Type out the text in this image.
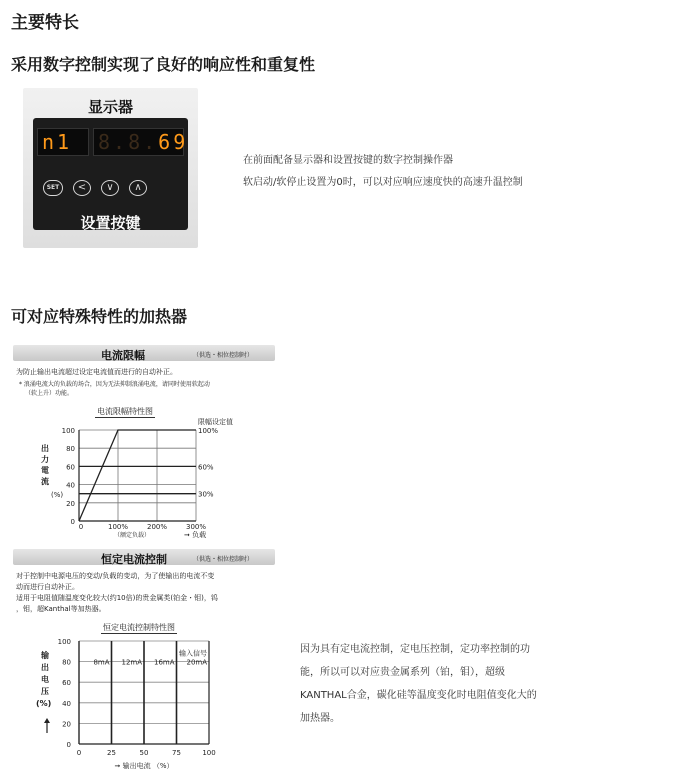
主要特长
采用数字控制实现了良好的响应性和重复性
显示器
n1	8.8.69
SET	<	∨	∧
设置按键
在前面配备显示器和设置按键的数字控制操作器
软启动/软停止设置为0时，可以对应响应速度快的高速升温控制
可对应特殊特性的加热器
电流限幅	（供选・相位控制时）
为防止输出电流超过设定电流值而进行的自动补正。
* 浪涌电流大的负载的场合，因为无法抑制浪涌电流，请同时使用软起动
（软上升）功能。
电流限幅特性图
恒定电流控制	（供选・相位控制时）
对于控制中电源电压的变动/负载的变动，为了使输出的电流不变
动而进行自动补正。
适用于电阻值随温度变化较大(约10倍)的贵金属类(铂金・钼)，钨
，钼，超Kanthal等加热器。
恒定电流控制特性图
出
力
電
流
(%)
输
出
电
压
(%)
0
20
40
60
80
100
0	100%	200%	300%
100%
60%
30%
限幅设定值
（额定负载）	➞ 负载
0
20
40
60
80
100
0	25	50	75	100
8mA 12mA 16mA 20mA
输入信号
➞ 输出电流 （%）
因为具有定电流控制，定电压控制，定功率控制的功
能，所以可以对应贵金属系列（铂，钼），超级
KANTHAL合金，碳化硅等温度变化时电阻值变化大的
加热器。
